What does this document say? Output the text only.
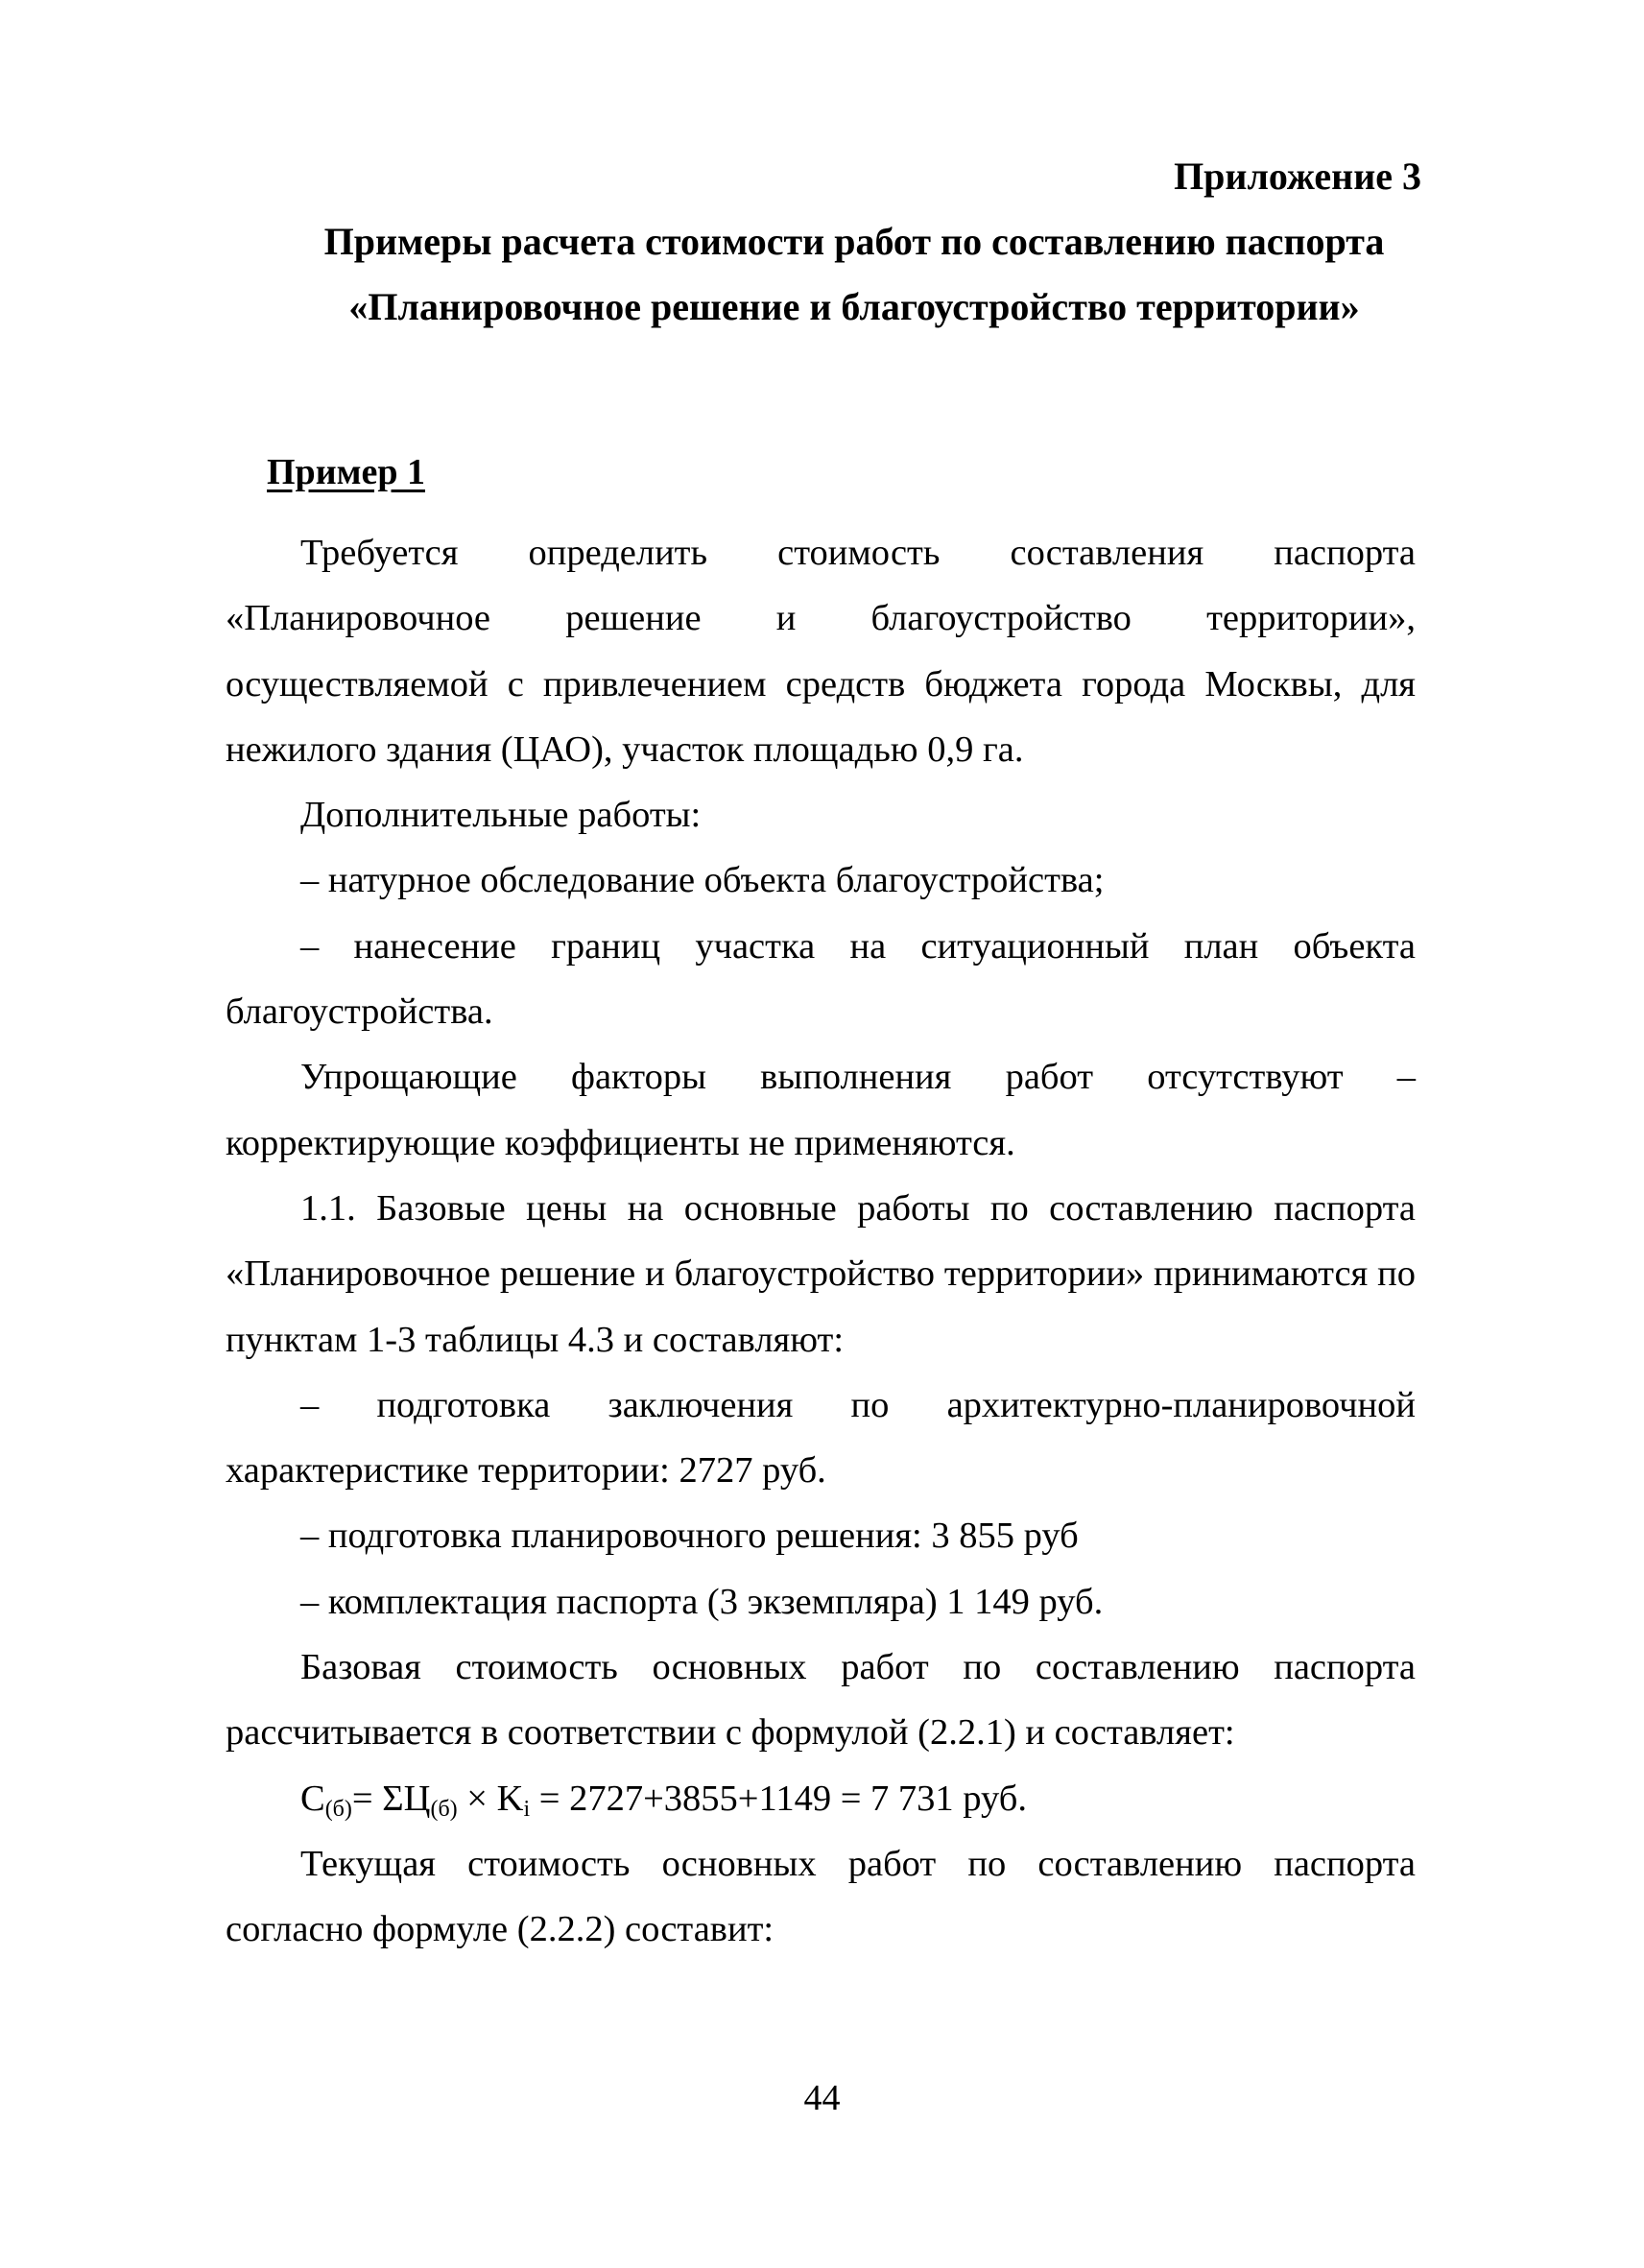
Приложение 3
Примеры расчета стоимости работ по составлению паспорта
«Планировочное решение и благоустройство территории»
Пример 1

Требуется определить стоимость составления паспорта «Планировочное решение и благоустройство территории», осуществляемой с привлечением средств бюджета города Москвы, для нежилого здания (ЦАО), участок площадью 0,9 га.

Дополнительные работы:

– натурное обследование объекта благоустройства;

– нанесение границ участка на ситуационный план объекта благоустройства.

Упрощающие факторы выполнения работ отсутствуют – корректирующие коэффициенты не применяются.

1.1. Базовые цены на основные работы по составлению паспорта «Планировочное решение и благоустройство территории» принимаются по пунктам 1-3 таблицы 4.3 и составляют:

– подготовка заключения по архитектурно-планировочной характеристике территории: 2727 руб.

– подготовка планировочного решения: 3 855 руб

– комплектация паспорта (3 экземпляра) 1 149 руб.

Базовая стоимость основных работ по составлению паспорта рассчитывается в соответствии с формулой (2.2.1) и составляет:

$С_{(б)}= \Sigma Ц_{(б)} \times K_i = 2727+3855+1149 = 7$ 731 руб.

Текущая стоимость основных работ по составлению паспорта согласно формуле (2.2.2) составит:

44
